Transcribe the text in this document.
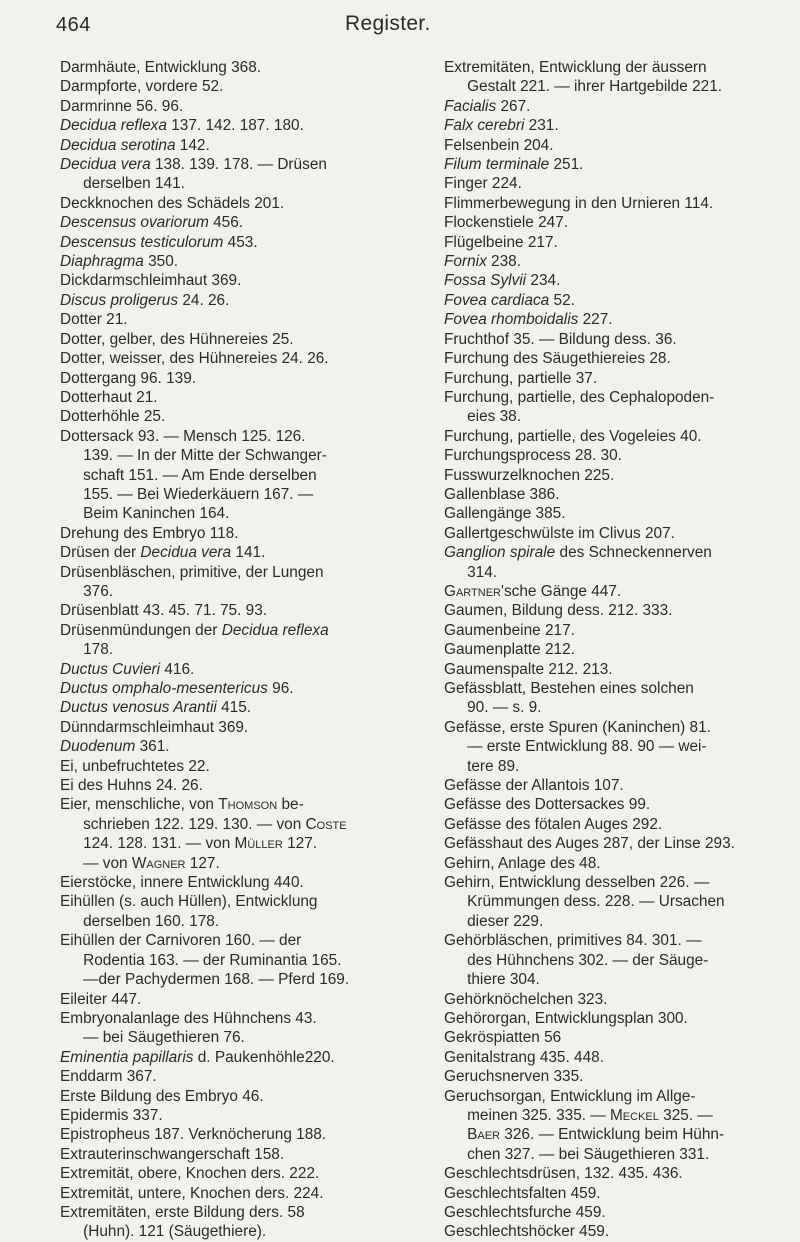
464	Register.
Darmhäute, Entwicklung 368.
Darmpforte, vordere 52.
Darmrinne 56. 96.
Decidua reflexa 137. 142. 187. 180.
Decidua serotina 142.
Decidua vera 138. 139. 178. — Drüsen
  derselben 141.
Deckknochen des Schädels 201.
Descensus ovariorum 456.
Descensus testiculorum 453.
Diaphragma 350.
Dickdarmschleimhaut 369.
Discus proligerus 24. 26.
Dotter 21.
Dotter, gelber, des Hühnereies 25.
Dotter, weisser, des Hühnereies 24. 26.
Dottergang 96. 139.
Dotterhaut 21.
Dotterhöhle 25.
Dottersack 93. — Mensch 125. 126.
  139. — In der Mitte der Schwanger-
  schaft 151. — Am Ende derselben
  155. — Bei Wiederkäuern 167. —
  Beim Kaninchen 164.
Drehung des Embryo 118.
Drüsen der Decidua vera 141.
Drüsenbläschen, primitive, der Lungen
  376.
Drüsenblatt 43. 45. 71. 75. 93.
Drüsenmündungen der Decidua reflexa
  178.
Ductus Cuvieri 416.
Ductus omphalo-mesentericus 96.
Ductus venosus Arantii 415.
Dünndarmschleimhaut 369.
Duodenum 361.
Ei, unbefruchtetes 22.
Ei des Huhns 24. 26.
Eier, menschliche, von Thomson be-
  schrieben 122. 129. 130. — von Coste
  124. 128. 131. — von Müller 127.
  — von Wagner 127.
Eierstöcke, innere Entwicklung 440.
Eihüllen (s. auch Hüllen), Entwicklung
  derselben 160. 178.
Eihüllen der Carnivoren 160. — der
  Rodentia 163. — der Ruminantia 165.
  —der Pachydermen 168. — Pferd 169.
Eileiter 447.
Embryonalanlage des Hühnchens 43.
  — bei Säugethieren 76.
Eminentia papillaris d. Paukenhöhle220.
Enddarm 367.
Erste Bildung des Embryo 46.
Epidermis 337.
Epistropheus 187. Verknöcherung 188.
Extrauterinschwangerschaft 158.
Extremität, obere, Knochen ders. 222.
Extremität, untere, Knochen ders. 224.
Extremitäten, erste Bildung ders. 58
  (Huhn). 121 (Säugethiere).
Extremitäten, Entwicklung der äussern
  Gestalt 221. — ihrer Hartgebilde 221.
Facialis 267.
Falx cerebri 231.
Felsenbein 204.
Filum terminale 251.
Finger 224.
Flimmerbewegung in den Urnieren 114.
Flockenstiele 247.
Flügelbeine 217.
Fornix 238.
Fossa Sylvii 234.
Fovea cardiaca 52.
Fovea rhomboidalis 227.
Fruchthof 35. — Bildung dess. 36.
Furchung des Säugethiereies 28.
Furchung, partielle 37.
Furchung, partielle, des Cephalopoden-
  eies 38.
Furchung, partielle, des Vogeleies 40.
Furchungsprocess 28. 30.
Fusswurzelknochen 225.
Gallenblase 386.
Gallengänge 385.
Gallertgeschwülste im Clivus 207.
Ganglion spirale des Schneckennerven
  314.
Gartner'sche Gänge 447.
Gaumen, Bildung dess. 212. 333.
Gaumenbeine 217.
Gaumenplatte 212.
Gaumenspalte 212. 213.
Gefässblatt, Bestehen eines solchen
  90. — s. 9.
Gefässe, erste Spuren (Kaninchen) 81.
  — erste Entwicklung 88. 90 — wei-
  tere 89.
Gefässe der Allantois 107.
Gefässe des Dottersackes 99.
Gefässe des fötalen Auges 292.
Gefässhaut des Auges 287, der Linse 293.
Gehirn, Anlage des 48.
Gehirn, Entwicklung desselben 226. —
  Krümmungen dess. 228. — Ursachen
  dieser 229.
Gehörbläschen, primitives 84. 301. —
  des Hühnchens 302. — der Säuge-
  thiere 304.
Gehörknöchelchen 323.
Gehörorgan, Entwicklungsplan 300.
Gekröspiatten 56
Genitalstrang 435. 448.
Geruchsnerven 335.
Geruchsorgan, Entwicklung im Allge-
  meinen 325. 335. — Meckel 325. —
  Baer 326. — Entwicklung beim Hühn-
  chen 327. — bei Säugethieren 331.
Geschlechtsdrüsen, 132. 435. 436.
Geschlechtsfalten 459.
Geschlechtsfurche 459.
Geschlechtshöcker 459.
